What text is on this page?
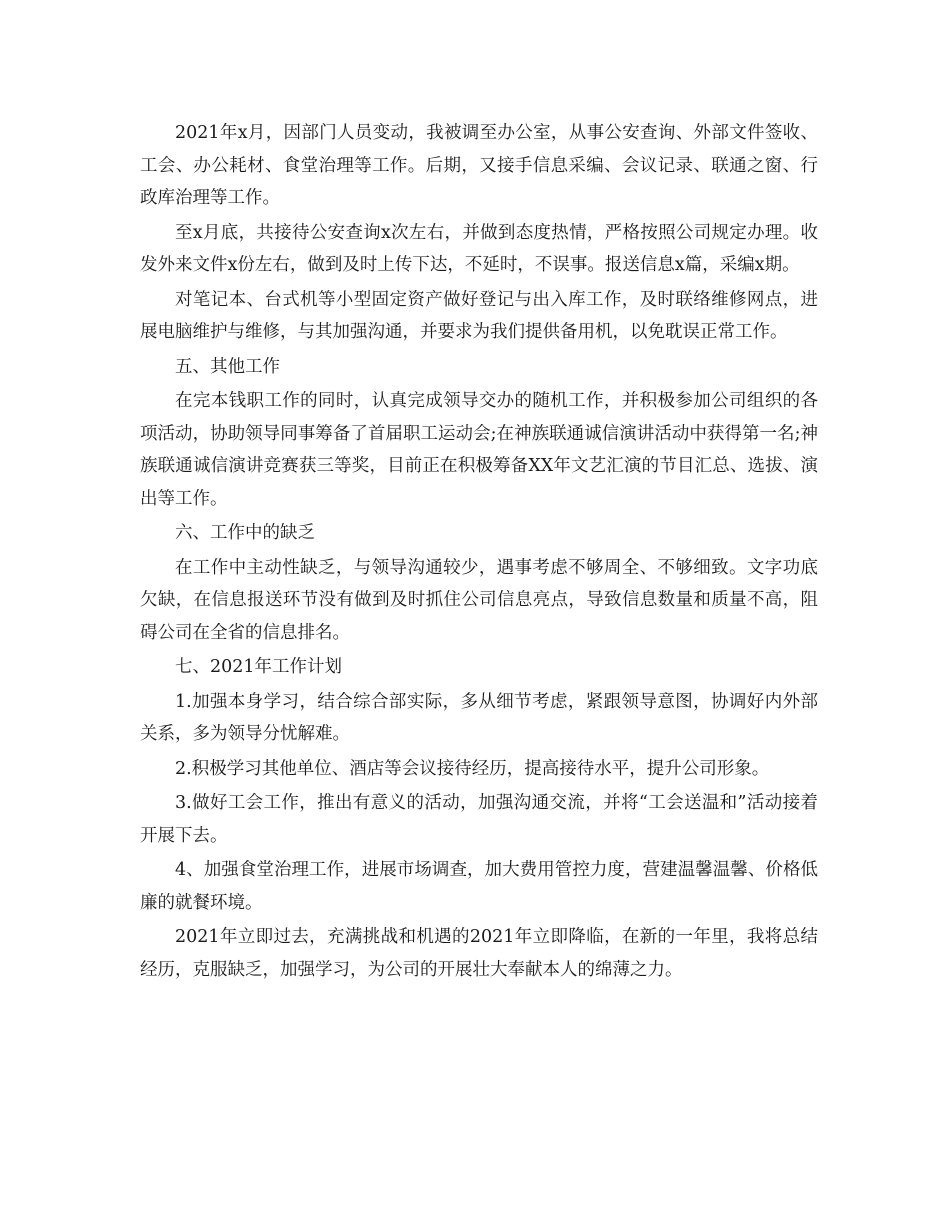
2021年x月，因部门人员变动，我被调至办公室，从事公安查询、外部文件签收、工会、办公耗材、食堂治理等工作。后期，又接手信息采编、会议记录、联通之窗、行政库治理等工作。

至x月底，共接待公安查询x次左右，并做到态度热情，严格按照公司规定办理。收发外来文件x份左右，做到及时上传下达，不延时，不误事。报送信息x篇，采编x期。

对笔记本、台式机等小型固定资产做好登记与出入库工作，及时联络维修网点，进展电脑维护与维修，与其加强沟通，并要求为我们提供备用机，以免耽误正常工作。

五、其他工作

在完本钱职工作的同时，认真完成领导交办的随机工作，并积极参加公司组织的各项活动，协助领导同事筹备了首届职工运动会;在神族联通诚信演讲活动中获得第一名;神族联通诚信演讲竞赛获三等奖，目前正在积极筹备XX年文艺汇演的节目汇总、选拔、演出等工作。

六、工作中的缺乏

在工作中主动性缺乏，与领导沟通较少，遇事考虑不够周全、不够细致。文字功底欠缺，在信息报送环节没有做到及时抓住公司信息亮点，导致信息数量和质量不高，阻碍公司在全省的信息排名。

七、2021年工作计划

1.加强本身学习，结合综合部实际，多从细节考虑，紧跟领导意图，协调好内外部关系，多为领导分忧解难。

2.积极学习其他单位、酒店等会议接待经历，提高接待水平，提升公司形象。

3.做好工会工作，推出有意义的活动，加强沟通交流，并将“工会送温和”活动接着开展下去。

4、加强食堂治理工作，进展市场调查，加大费用管控力度，营建温馨温馨、价格低廉的就餐环境。

2021年立即过去，充满挑战和机遇的2021年立即降临，在新的一年里，我将总结经历，克服缺乏，加强学习，为公司的开展壮大奉献本人的绵薄之力。
